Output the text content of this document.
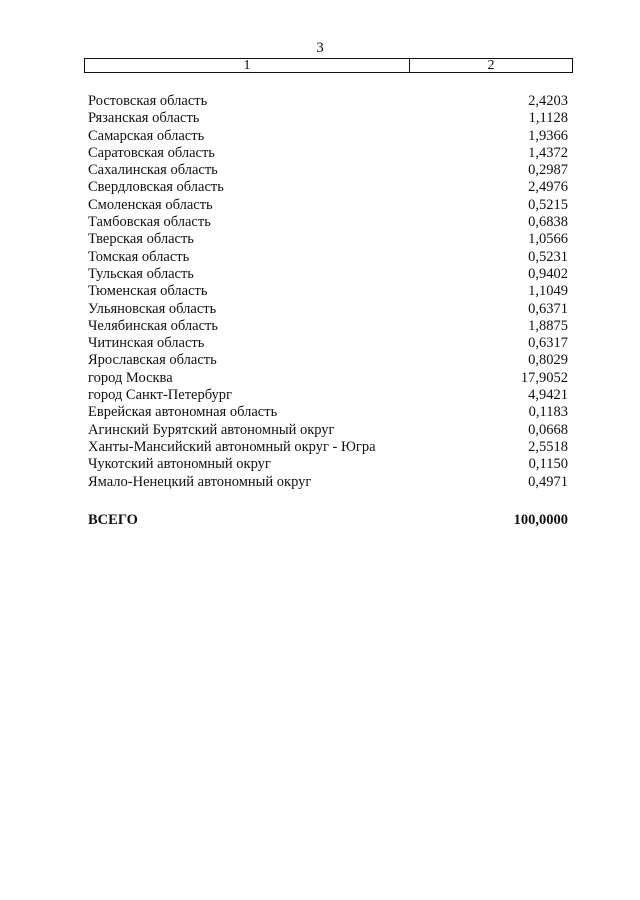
3
1	2
Ростовская область	2,4203
Рязанская область	1,1128
Самарская область	1,9366
Саратовская область	1,4372
Сахалинская область	0,2987
Свердловская область	2,4976
Смоленская область	0,5215
Тамбовская область	0,6838
Тверская область	1,0566
Томская область	0,5231
Тульская область	0,9402
Тюменская область	1,1049
Ульяновская область	0,6371
Челябинская область	1,8875
Читинская область	0,6317
Ярославская область	0,8029
город Москва	17,9052
город Санкт-Петербург	4,9421
Еврейская автономная область	0,1183
Агинский Бурятский автономный округ	0,0668
Ханты-Мансийский автономный округ - Югра	2,5518
Чукотский автономный округ	0,1150
Ямало-Ненецкий автономный округ	0,4971
ВСЕГО	100,0000
